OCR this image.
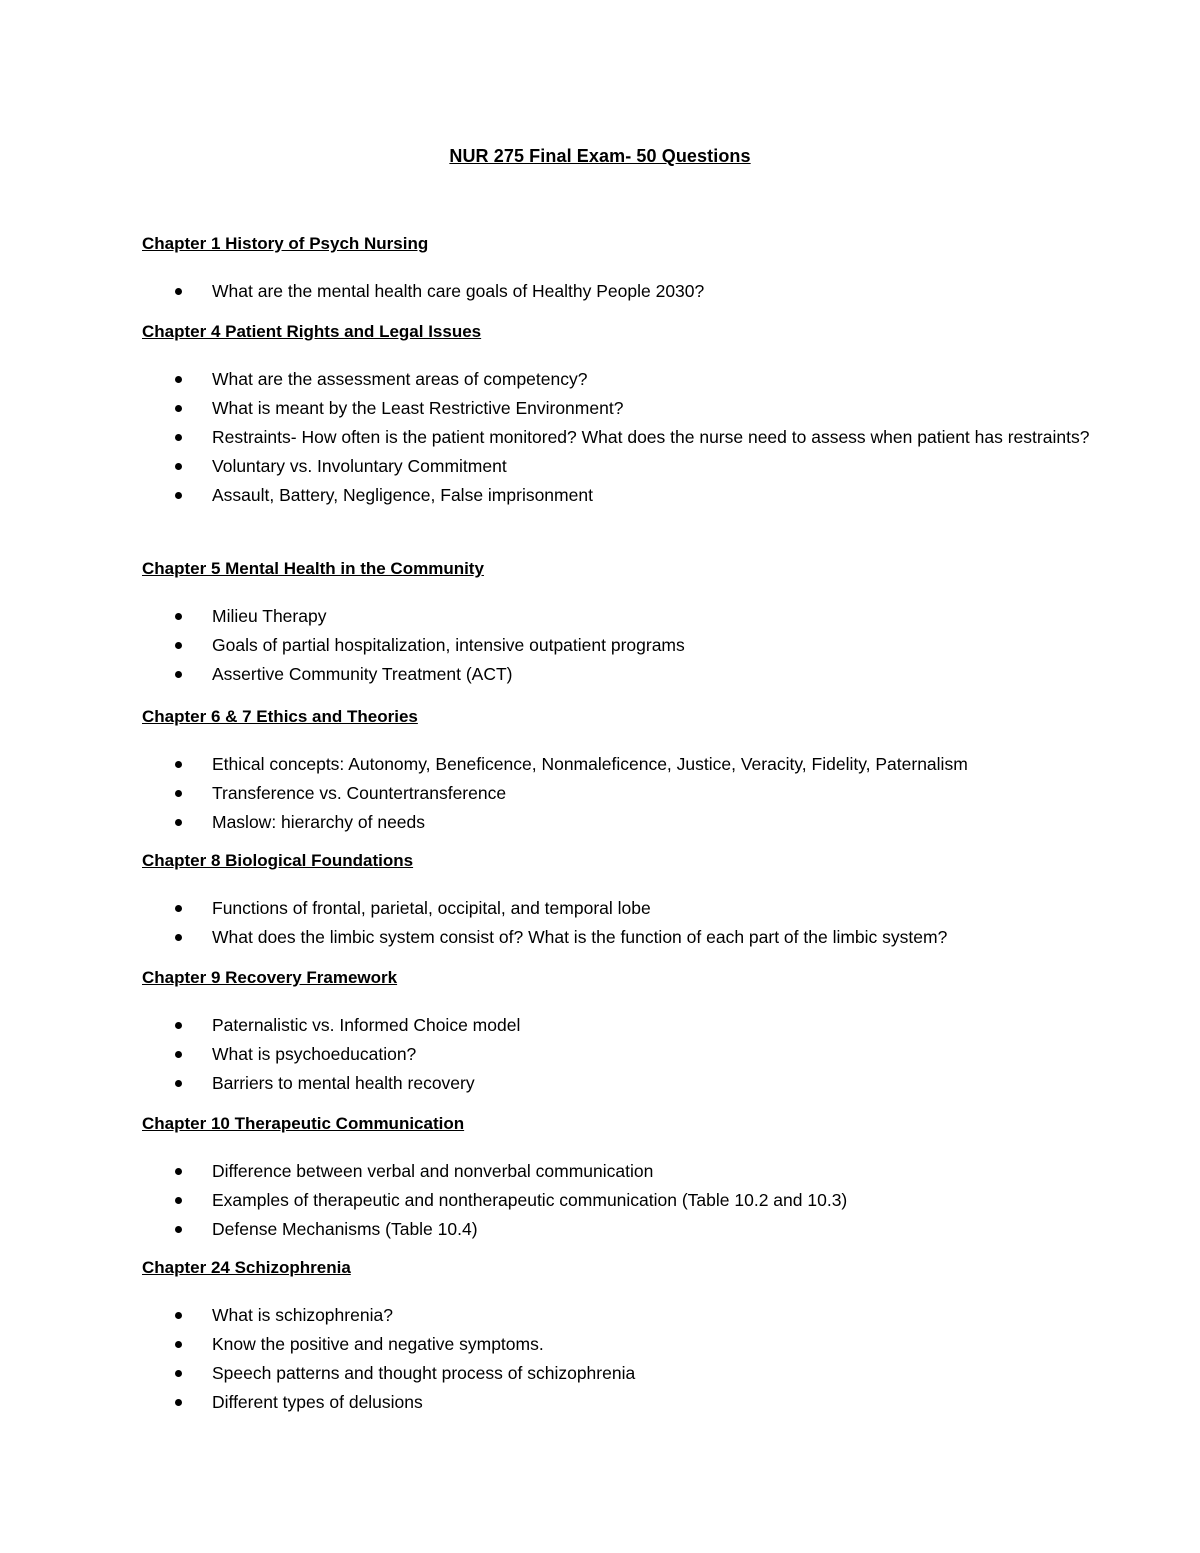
NUR 275 Final Exam- 50 Questions
Chapter 1 History of Psych Nursing
What are the mental health care goals of Healthy People 2030?
Chapter 4 Patient Rights and Legal Issues
What are the assessment areas of competency?
What is meant by the Least Restrictive Environment?
Restraints- How often is the patient monitored? What does the nurse need to assess when patient has restraints?
Voluntary vs. Involuntary Commitment
Assault, Battery, Negligence, False imprisonment
Chapter 5 Mental Health in the Community
Milieu Therapy
Goals of partial hospitalization, intensive outpatient programs
Assertive Community Treatment (ACT)
Chapter 6 & 7 Ethics and Theories
Ethical concepts: Autonomy, Beneficence, Nonmaleficence, Justice, Veracity, Fidelity, Paternalism
Transference vs. Countertransference
Maslow: hierarchy of needs
Chapter 8 Biological Foundations
Functions of frontal, parietal, occipital, and temporal lobe
What does the limbic system consist of? What is the function of each part of the limbic system?
Chapter 9 Recovery Framework
Paternalistic vs. Informed Choice model
What is psychoeducation?
Barriers to mental health recovery
Chapter 10 Therapeutic Communication
Difference between verbal and nonverbal communication
Examples of therapeutic and nontherapeutic communication (Table 10.2 and 10.3)
Defense Mechanisms (Table 10.4)
Chapter 24 Schizophrenia
What is schizophrenia?
Know the positive and negative symptoms.
Speech patterns and thought process of schizophrenia
Different types of delusions
